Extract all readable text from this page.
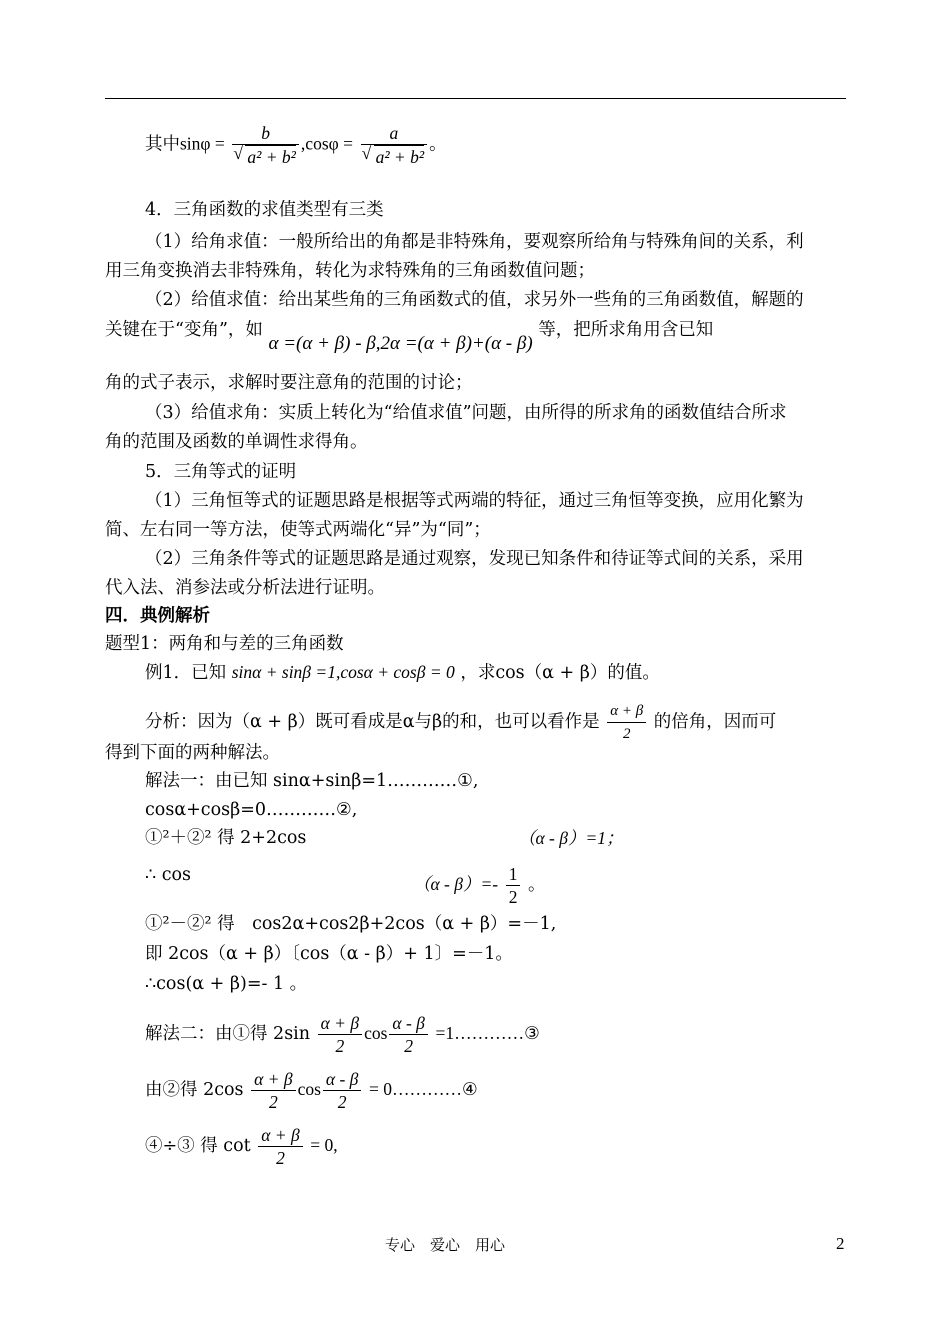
其中sinφ = b
√ a² + b² ,cosφ = a
√ a² + b² 。
4．三角函数的求值类型有三类
（1）给角求值：一般所给出的角都是非特殊角，要观察所给角与特殊角间的关系，利
用三角变换消去非特殊角，转化为求特殊角的三角函数值问题；
（2）给值求值：给出某些角的三角函数式的值，求另外一些角的三角函数值，解题的
关键在于“变角”，如 α =(α + β) - β,2α =(α + β)+(α - β) 等，把所求角用含已知
角的式子表示，求解时要注意角的范围的讨论；
（3）给值求角：实质上转化为“给值求值”问题，由所得的所求角的函数值结合所求
角的范围及函数的单调性求得角。
5．三角等式的证明
（1）三角恒等式的证题思路是根据等式两端的特征，通过三角恒等变换，应用化繁为
简、左右同一等方法，使等式两端化“异”为“同”；
（2）三角条件等式的证题思路是通过观察，发现已知条件和待证等式间的关系，采用
代入法、消参法或分析法进行证明。
四．典例解析
题型1：两角和与差的三角函数
例1．已知 sinα + sinβ =1,cosα + cosβ = 0 ，求cos（α + β）的值。
分析：因为（α + β）既可看成是α与β的和，也可以看作是 $\frac{\alpha + \beta}{2}$ 的倍角，因而可
得到下面的两种解法。
解法一：由已知 sinα+sinβ=1…………①,
cosα+cosβ=0…………②,
①²＋②² 得 2+2cos	（α - β）=1；
∴ cos	$(\alpha - \beta)=- \frac{1}{2}$ 。
①²－②² 得　cos2α+cos2β+2cos（α + β）=－1,
即 2cos（α + β）〔cos（α - β）+ 1〕=－1。
∴cos(α + β)=- 1 。
解法二：由①得 $2\sin \frac{\alpha + \beta}{2}$ $\cos \frac{\alpha - \beta}{2}$ =1…………③
由②得 $2\cos \frac{\alpha + \beta}{2}$ $\cos \frac{\alpha - \beta}{2}$ = 0…………④
④÷③ 得 $\cot \frac{\alpha + \beta}{2} = 0$,
专心　爱心　用心	2
